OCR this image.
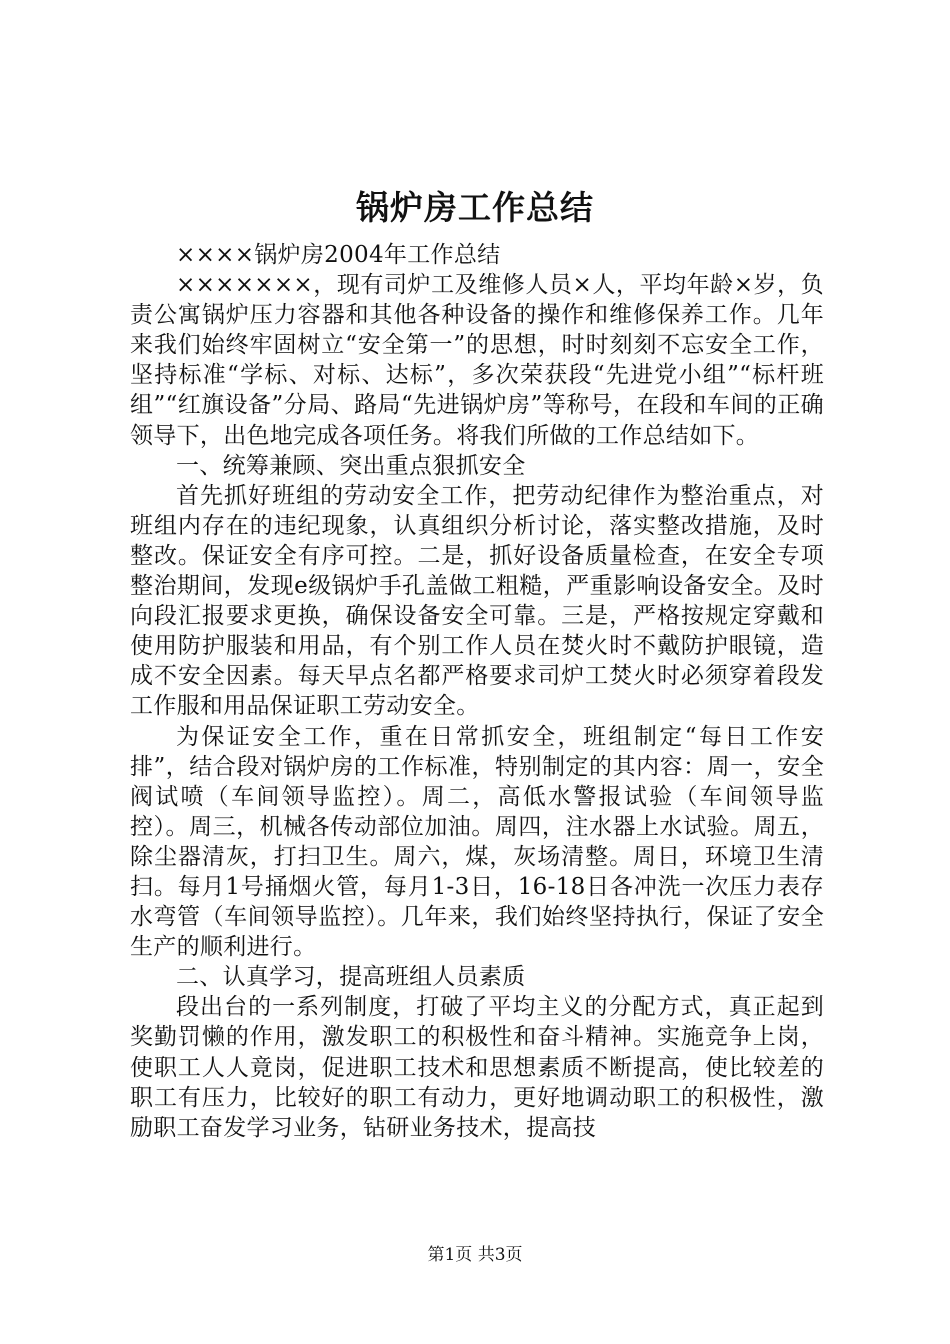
锅炉房工作总结

××××锅炉房2004年工作总结

×××××××，现有司炉工及维修人员×人，平均年龄×岁，负责公寓锅炉压力容器和其他各种设备的操作和维修保养工作。几年来我们始终牢固树立“安全第一”的思想，时时刻刻不忘安全工作，坚持标准“学标、对标、达标”，多次荣获段“先进党小组”“标杆班组”“红旗设备”分局、路局“先进锅炉房”等称号，在段和车间的正确领导下，出色地完成各项任务。将我们所做的工作总结如下。

一、统筹兼顾、突出重点狠抓安全

首先抓好班组的劳动安全工作，把劳动纪律作为整治重点，对班组内存在的违纪现象，认真组织分析讨论，落实整改措施，及时整改。保证安全有序可控。二是，抓好设备质量检查，在安全专项整治期间，发现e级锅炉手孔盖做工粗糙，严重影响设备安全。及时向段汇报要求更换，确保设备安全可靠。三是，严格按规定穿戴和使用防护服装和用品，有个别工作人员在焚火时不戴防护眼镜，造成不安全因素。每天早点名都严格要求司炉工焚火时必须穿着段发工作服和用品保证职工劳动安全。

为保证安全工作，重在日常抓安全，班组制定“每日工作安排”，结合段对锅炉房的工作标准，特别制定的其内容：周一，安全阀试喷（车间领导监控）。周二，高低水警报试验（车间领导监控）。周三，机械各传动部位加油。周四，注水器上水试验。周五，除尘器清灰，打扫卫生。周六，煤，灰场清整。周日，环境卫生清扫。每月1号捅烟火管，每月1-3日，16-18日各冲洗一次压力表存水弯管（车间领导监控）。几年来，我们始终坚持执行，保证了安全生产的顺利进行。

二、认真学习，提高班组人员素质

段出台的一系列制度，打破了平均主义的分配方式，真正起到奖勤罚懒的作用，激发职工的积极性和奋斗精神。实施竞争上岗，使职工人人竟岗，促进职工技术和思想素质不断提高，使比较差的职工有压力，比较好的职工有动力，更好地调动职工的积极性，激励职工奋发学习业务，钻研业务技术，提高技

第1页 共3页
